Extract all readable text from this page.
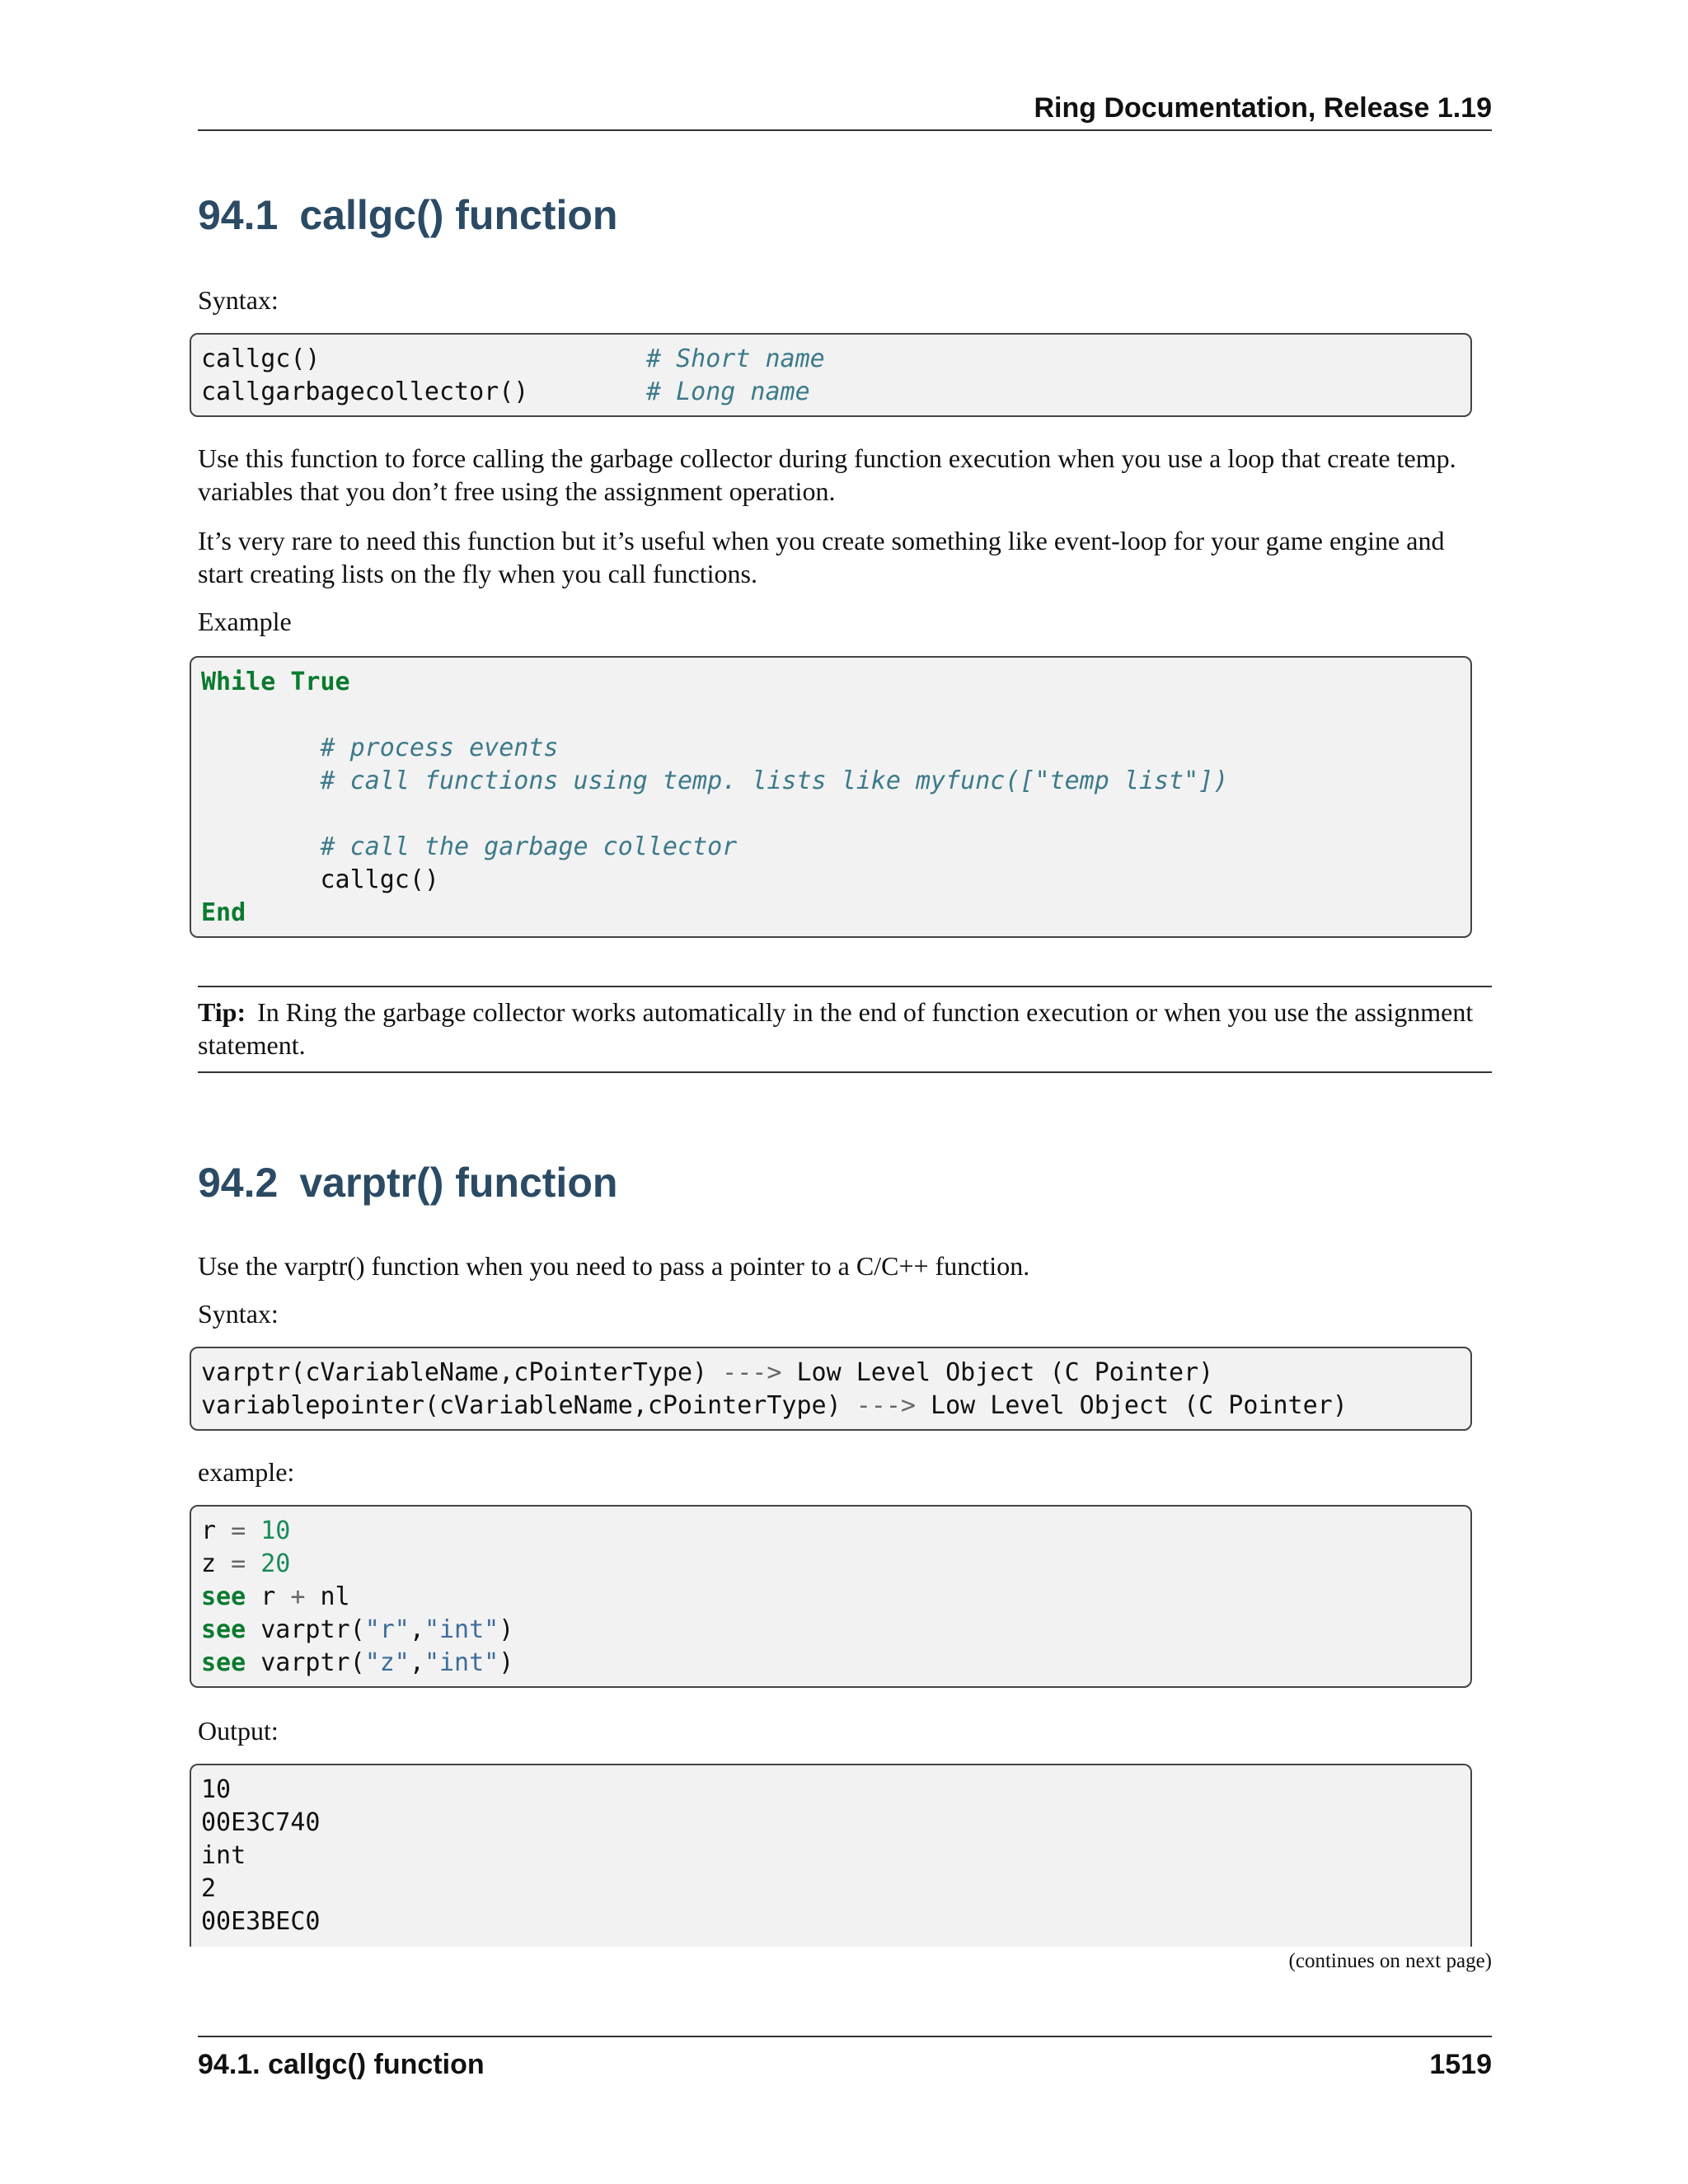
Ring Documentation, Release 1.19
94.1 callgc() function

Syntax:

callgc()	# Short name
callgarbagecollector()	# Long name

Use this function to force calling the garbage collector during function execution when you use a loop that create temp. variables that you don’t free using the assignment operation.

It’s very rare to need this function but it’s useful when you create something like event-loop for your game engine and start creating lists on the fly when you call functions.

Example

While True
# process events
# call functions using temp. lists like myfunc(["temp list"])
# call the garbage collector
callgc()
End
Tip: In Ring the garbage collector works automatically in the end of function execution or when you use the assignment statement.
94.2 varptr() function

Use the varptr() function when you need to pass a pointer to a C/C++ function.

Syntax:

varptr(cVariableName,cPointerType) ---> Low Level Object (C Pointer)
variablepointer(cVariableName,cPointerType) ---> Low Level Object (C Pointer)

example:

r = 10
z = 20
see r + nl
see varptr("r","int")
see varptr("z","int")

Output:

10
00E3C740
int
2
00E3BEC0
(continues on next page)
94.1. callgc() function	1519
